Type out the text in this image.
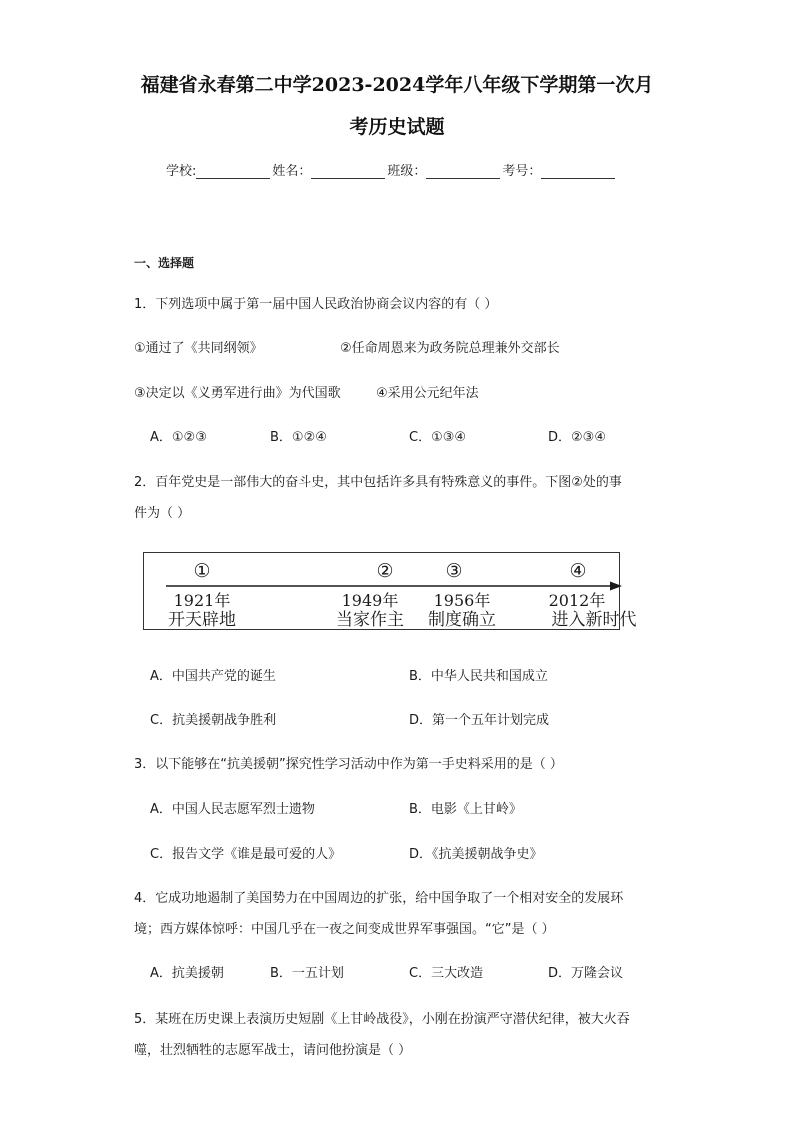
福建省永春第二中学2023-2024学年八年级下学期第一次月
考历史试题
学校:	姓名：	班级：	考号：
一、选择题
1．下列选项中属于第一届中国人民政治协商会议内容的有（ ）
①通过了《共同纲领》	②任命周恩来为政务院总理兼外交部长
③决定以《义勇军进行曲》为代国歌	④采用公元纪年法
A．①②③	B．①②④	C．①③④	D．②③④
2．百年党史是一部伟大的奋斗史，其中包括许多具有特殊意义的事件。下图②处的事
件为（ ）
①	②	③	④
1921年	1949年 1956年	2012年
开天辟地	当家作主 制度确立	进入新时代
A．中国共产党的诞生	B．中华人民共和国成立
C．抗美援朝战争胜利	D．第一个五年计划完成
3．以下能够在“抗美援朝”探究性学习活动中作为第一手史料采用的是（ ）
A．中国人民志愿军烈士遗物	B．电影《上甘岭》
C．报告文学《谁是最可爱的人》	D．《抗美援朝战争史》
4．它成功地遏制了美国势力在中国周边的扩张，给中国争取了一个相对安全的发展环
境；西方媒体惊呼：中国几乎在一夜之间变成世界军事强国。“它”是（ ）
A．抗美援朝	B．一五计划	C．三大改造	D．万隆会议
5．某班在历史课上表演历史短剧《上甘岭战役》，小刚在扮演严守潜伏纪律，被大火吞
噬，壮烈牺牲的志愿军战士，请问他扮演是（ ）
